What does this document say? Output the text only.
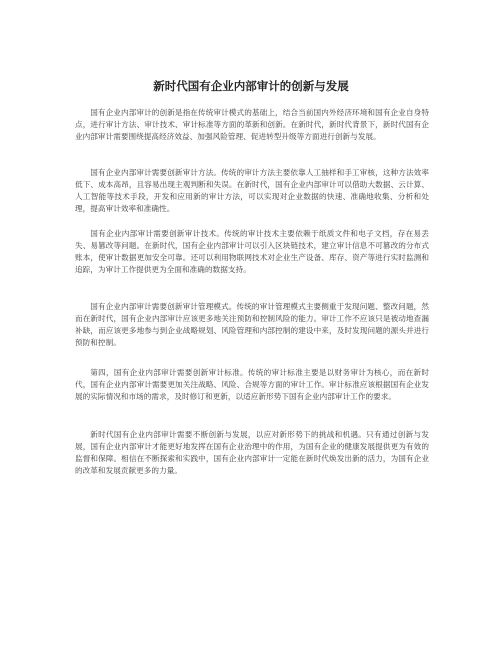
新时代国有企业内部审计的创新与发展

国有企业内部审计的创新是指在传统审计模式的基础上，结合当前国内外经济环境和国有企业自身特点，进行审计方法、审计技术、审计标准等方面的革新和创新。在新时代，新时代背景下，新时代国有企业内部审计需要围绕提高经济效益、加强风险管理、促进转型升级等方面进行创新与发展。

国有企业内部审计需要创新审计方法。传统的审计方法主要依靠人工抽样和手工审核，这种方法效率低下、成本高昂，且容易出现主观判断和失误。在新时代，国有企业内部审计可以借助大数据、云计算、人工智能等技术手段，开发和应用新的审计方法，可以实现对企业数据的快速、准确地收集、分析和处理，提高审计效率和准确性。

国有企业内部审计需要创新审计技术。传统的审计技术主要依赖于纸质文件和电子文档，存在易丢失、易篡改等问题。在新时代，国有企业内部审计可以引入区块链技术，建立审计信息不可篡改的分布式账本，使审计数据更加安全可靠。还可以利用物联网技术对企业生产设备、库存、资产等进行实时监测和追踪，为审计工作提供更为全面和准确的数据支持。

国有企业内部审计需要创新审计管理模式。传统的审计管理模式主要侧重于发现问题、整改问题，然而在新时代，国有企业内部审计应该更多地关注预防和控制风险的能力。审计工作不应该只是被动地查漏补缺，而应该更多地参与到企业战略规划、风险管理和内部控制的建设中来，及时发现问题的源头并进行预防和控制。

第四，国有企业内部审计需要创新审计标准。传统的审计标准主要是以财务审计为核心，而在新时代，国有企业内部审计需要更加关注战略、风险、合规等方面的审计工作。审计标准应该根据国有企业发展的实际情况和市场的需求，及时修订和更新，以适应新形势下国有企业内部审计工作的要求。

新时代国有企业内部审计需要不断创新与发展，以应对新形势下的挑战和机遇。只有通过创新与发展，国有企业内部审计才能更好地发挥在国有企业治理中的作用，为国有企业的健康发展提供更为有效的监督和保障。相信在不断探索和实践中，国有企业内部审计一定能在新时代焕发出新的活力，为国有企业的改革和发展贡献更多的力量。
